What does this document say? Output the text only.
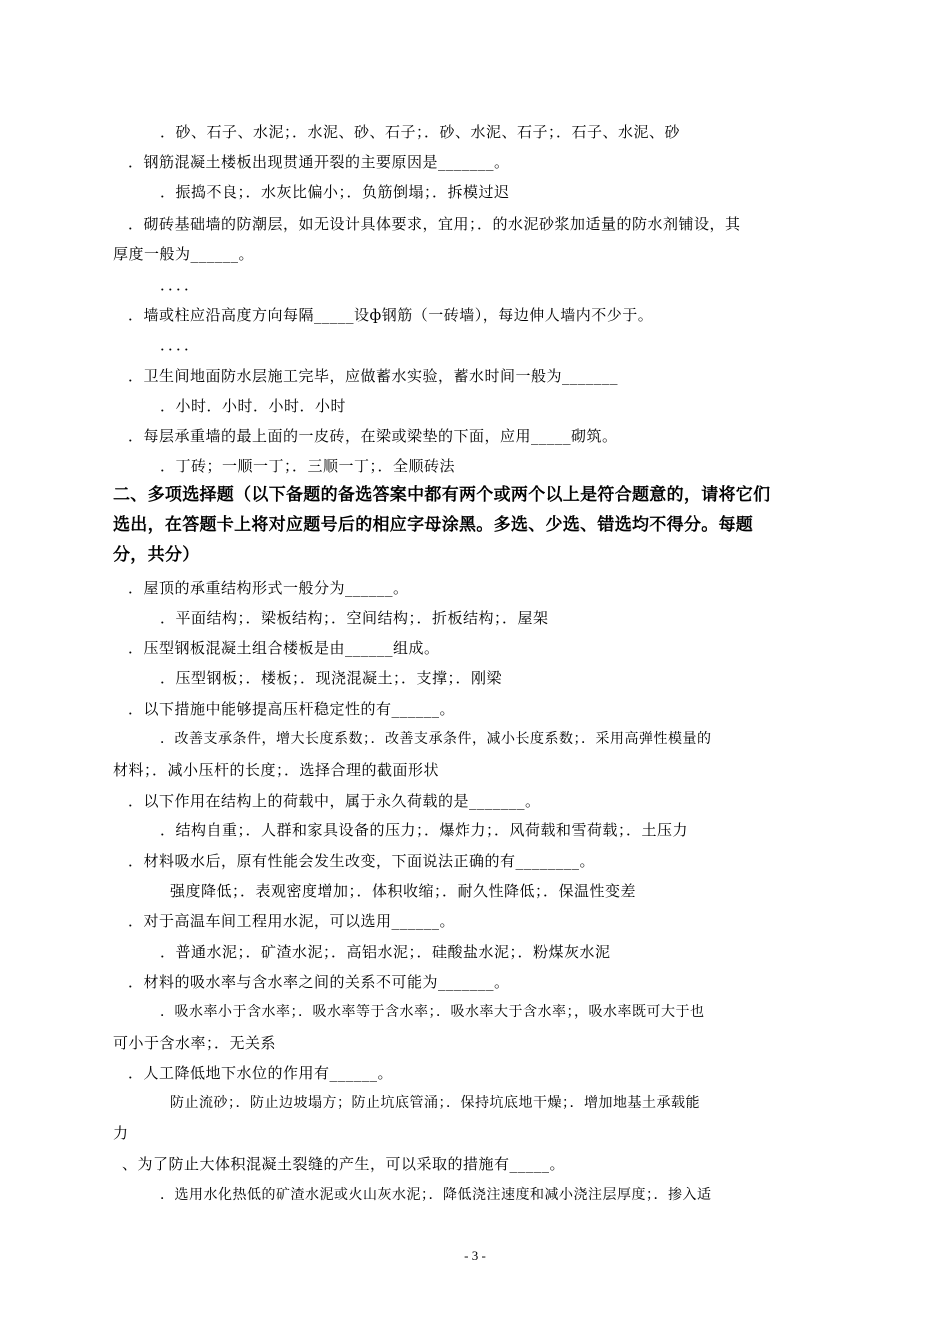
．砂、石子、水泥；．水泥、砂、石子；．砂、水泥、石子；．石子、水泥、砂
．钢筋混凝土楼板出现贯通开裂的主要原因是_______。
．振捣不良；．水灰比偏小；．负筋倒塌；．拆模过迟
．砌砖基础墙的防潮层，如无设计具体要求，宜用；．的水泥砂浆加适量的防水剂铺设，其
厚度一般为______。
．．．．
．墙或柱应沿高度方向每隔_____设ф钢筋（一砖墙），每边伸人墙内不少于。
．．．．
．卫生间地面防水层施工完毕，应做蓄水实验，蓄水时间一般为_______
．小时．小时．小时．小时
．每层承重墙的最上面的一皮砖，在梁或梁垫的下面，应用_____砌筑。
．丁砖；一顺一丁；．三顺一丁；．全顺砖法
二、多项选择题（以下备题的备选答案中都有两个或两个以上是符合题意的，请将它们
选出，在答题卡上将对应题号后的相应字母涂黑。多选、少选、错选均不得分。每题
分，共分）
．屋顶的承重结构形式一般分为______。
．平面结构；．梁板结构；．空间结构；．折板结构；．屋架
．压型钢板混凝土组合楼板是由______组成。
．压型钢板；．楼板；．现浇混凝土；．支撑；．刚梁
．以下措施中能够提高压杆稳定性的有______。
．改善支承条件，增大长度系数；．改善支承条件，减小长度系数；．采用高弹性模量的
材料；．减小压杆的长度；．选择合理的截面形状
．以下作用在结构上的荷载中，属于永久荷载的是_______。
．结构自重；．人群和家具设备的压力；．爆炸力；．风荷载和雪荷载；．土压力
．材料吸水后，原有性能会发生改变，下面说法正确的有________。
强度降低；．表观密度增加；．体积收缩；．耐久性降低；．保温性变差
．对于高温车间工程用水泥，可以选用______。
．普通水泥；．矿渣水泥；．高铝水泥；．硅酸盐水泥；．粉煤灰水泥
．材料的吸水率与含水率之间的关系不可能为_______。
．吸水率小于含水率；．吸水率等于含水率；．吸水率大于含水率；，吸水率既可大于也
可小于含水率；．无关系
．人工降低地下水位的作用有______。
防止流砂；．防止边坡塌方；防止坑底管涌；．保持坑底地干燥；．增加地基土承载能
力
、为了防止大体积混凝土裂缝的产生，可以采取的措施有_____。
．选用水化热低的矿渣水泥或火山灰水泥；．降低浇注速度和减小浇注层厚度；．掺入适
- 3 -
